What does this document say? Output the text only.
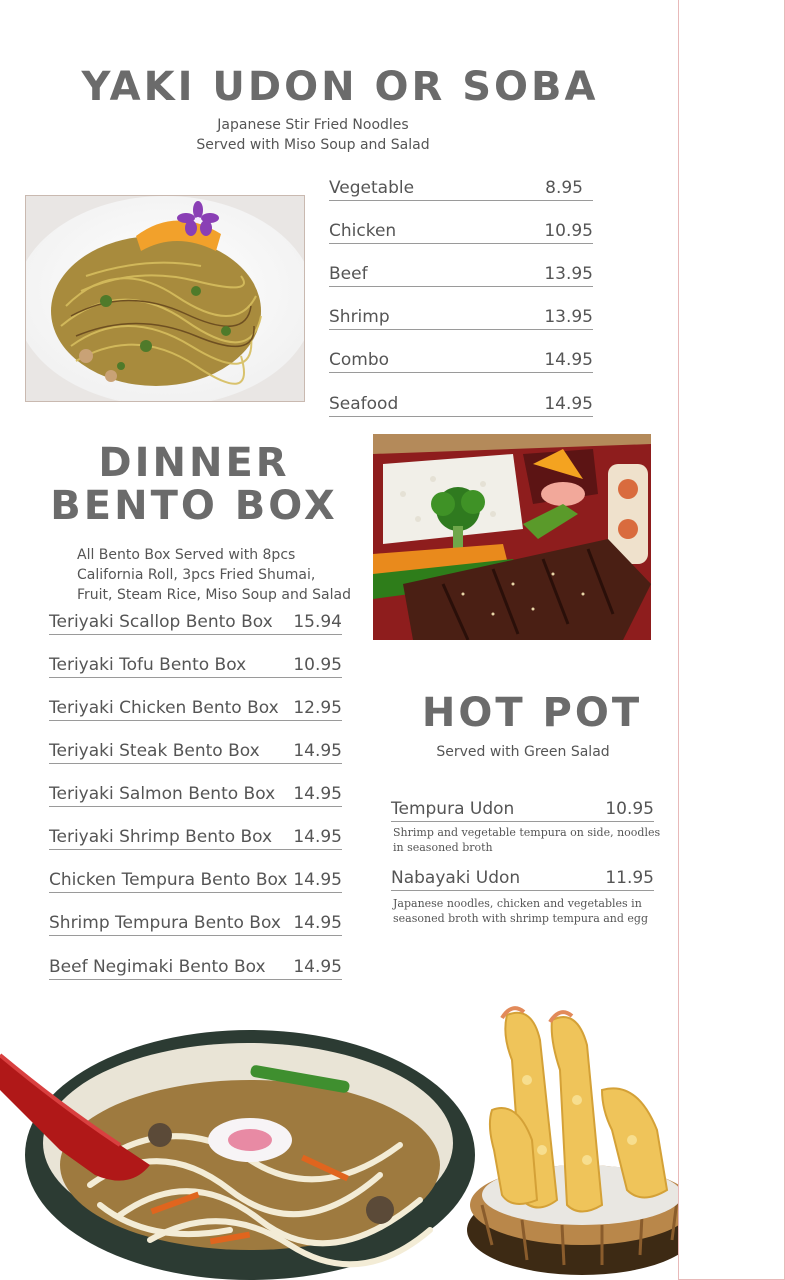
YAKI UDON OR SOBA
Japanese Stir Fried Noodles
Served with Miso Soup and Salad
Vegetable	8.95
Chicken	10.95
Beef	13.95
Shrimp	13.95
Combo	14.95
Seafood	14.95
DINNER
BENTO BOX
All Bento Box Served with 8pcs
California Roll, 3pcs Fried Shumai,
Fruit, Steam Rice, Miso Soup and Salad
Teriyaki Scallop Bento Box 15.94
Teriyaki Tofu Bento Box	10.95
Teriyaki Chicken Bento Box 12.95
Teriyaki Steak Bento Box 14.95
Teriyaki Salmon Bento Box 14.95
Teriyaki Shrimp Bento Box 14.95
Chicken Tempura Bento Box 14.95
Shrimp Tempura Bento Box 14.95
Beef Negimaki Bento Box 14.95
HOT POT
Served with Green Salad
Tempura Udon	10.95
Shrimp and vegetable tempura on side, noodles
in seasoned broth
Nabayaki Udon	11.95
Japanese noodles, chicken and vegetables in
seasoned broth with shrimp tempura and egg
